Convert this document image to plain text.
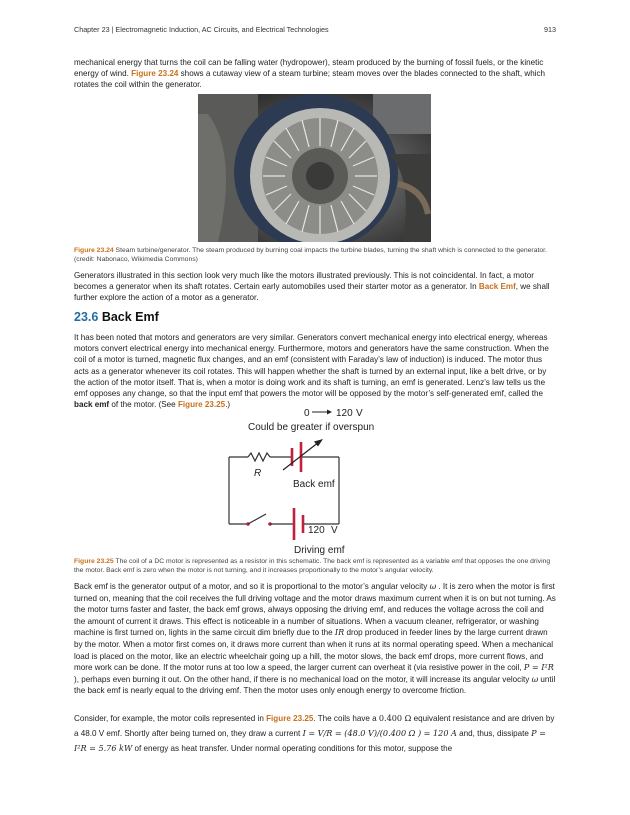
Chapter 23 | Electromagnetic Induction, AC Circuits, and Electrical Technologies	913

mechanical energy that turns the coil can be falling water (hydropower), steam produced by the burning of fossil fuels, or the kinetic energy of wind. Figure 23.24 shows a cutaway view of a steam turbine; steam moves over the blades connected to the shaft, which rotates the coil within the generator.

Figure 23.24 Steam turbine/generator. The steam produced by burning coal impacts the turbine blades, turning the shaft which is connected to the generator. (credit: Nabonaco, Wikimedia Commons)

Generators illustrated in this section look very much like the motors illustrated previously. This is not coincidental. In fact, a motor becomes a generator when its shaft rotates. Certain early automobiles used their starter motor as a generator. In Back Emf, we shall further explore the action of a motor as a generator.

23.6 Back Emf

It has been noted that motors and generators are very similar. Generators convert mechanical energy into electrical energy, whereas motors convert electrical energy into mechanical energy. Furthermore, motors and generators have the same construction. When the coil of a motor is turned, magnetic flux changes, and an emf (consistent with Faraday’s law of induction) is induced. The motor thus acts as a generator whenever its coil rotates. This will happen whether the shaft is turned by an external input, like a belt drive, or by the action of the motor itself. That is, when a motor is doing work and its shaft is turning, an emf is generated. Lenz’s law tells us the emf opposes any change, so that the input emf that powers the motor will be opposed by the motor’s self-generated emf, called the back emf of the motor. (See Figure 23.25.)

0	120 V
Could be greater if overspun
R
Back emf
120 V
Driving emf

Figure 23.25 The coil of a DC motor is represented as a resistor in this schematic. The back emf is represented as a variable emf that opposes the one driving the motor. Back emf is zero when the motor is not turning, and it increases proportionally to the motor’s angular velocity.

Back emf is the generator output of a motor, and so it is proportional to the motor’s angular velocity ω . It is zero when the motor is first turned on, meaning that the coil receives the full driving voltage and the motor draws maximum current when it is on but not turning. As the motor turns faster and faster, the back emf grows, always opposing the driving emf, and reduces the voltage across the coil and the amount of current it draws. This effect is noticeable in a number of situations. When a vacuum cleaner, refrigerator, or washing machine is first turned on, lights in the same circuit dim briefly due to the IR drop produced in feeder lines by the large current drawn by the motor. When a motor first comes on, it draws more current than when it runs at its normal operating speed. When a mechanical load is placed on the motor, like an electric wheelchair going up a hill, the motor slows, the back emf drops, more current flows, and more work can be done. If the motor runs at too low a speed, the larger current can overheat it (via resistive power in the coil, P = I²R ), perhaps even burning it out. On the other hand, if there is no mechanical load on the motor, it will increase its angular velocity ω until the back emf is nearly equal to the driving emf. Then the motor uses only enough energy to overcome friction.

Consider, for example, the motor coils represented in Figure 23.25. The coils have a 0.400 Ω equivalent resistance and are driven by a 48.0 V emf. Shortly after being turned on, they draw a current I = V/R = (48.0 V)/(0.400 Ω ) = 120 A and, thus, dissipate P = I²R = 5.76 kW of energy as heat transfer. Under normal operating conditions for this motor, suppose the
